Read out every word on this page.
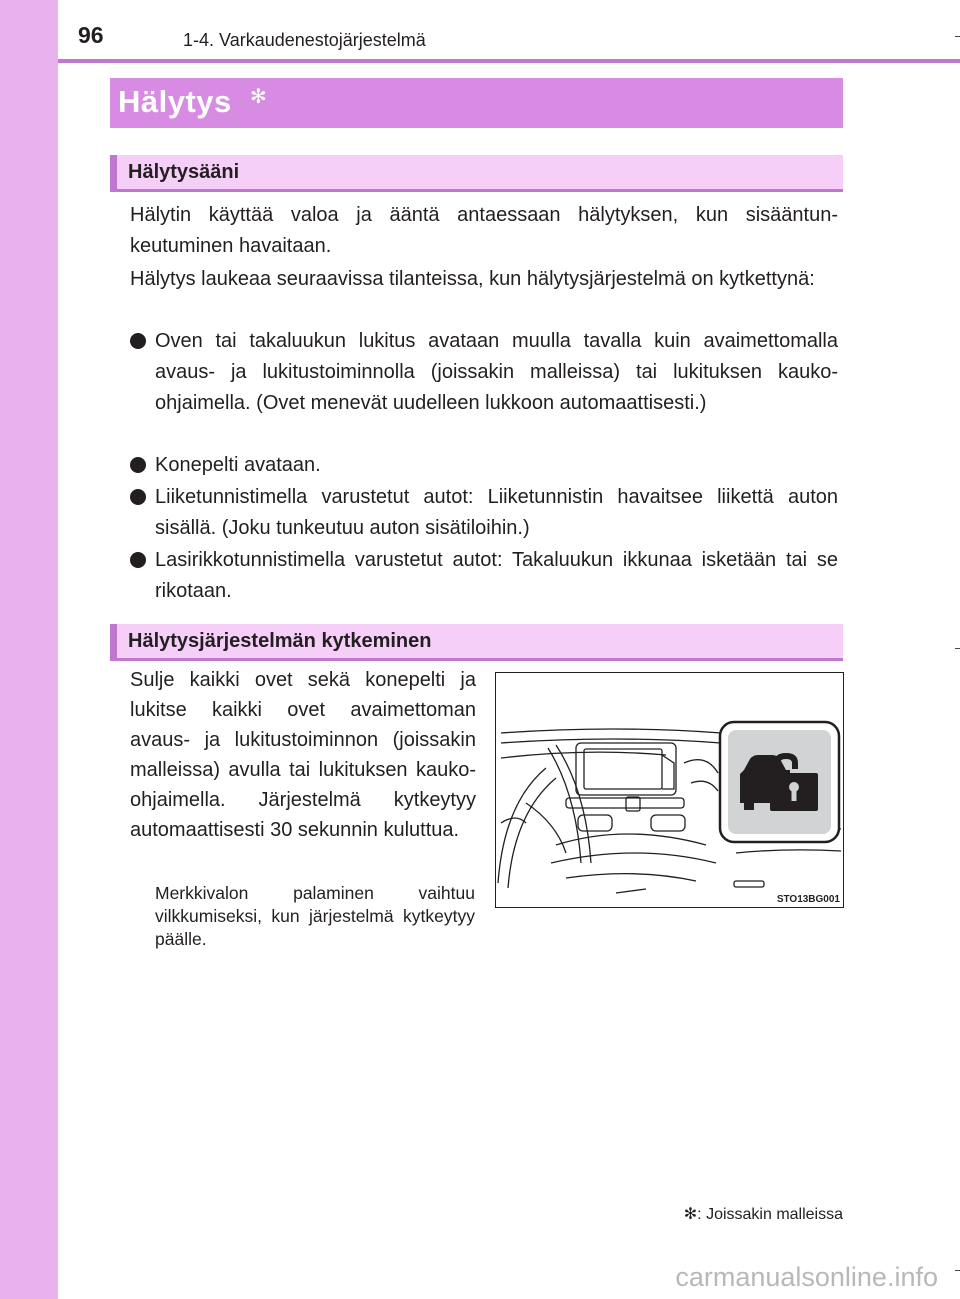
96	1-4. Varkaudenestojärjestelmä
Hälytys ✻
Hälytysääni

Hälytin käyttää valoa ja ääntä antaessaan hälytyksen, kun sisääntunkeutuminen havaitaan.

Hälytys laukeaa seuraavissa tilanteissa, kun hälytysjärjestelmä on kytkettynä:

Oven tai takaluukun lukitus avataan muulla tavalla kuin avaimettomalla avaus- ja lukitustoiminnolla (joissakin malleissa) tai lukituksen kauko-ohjaimella. (Ovet menevät uudelleen lukkoon automaattisesti.)

Konepelti avataan.

Liiketunnistimella varustetut autot: Liiketunnistin havaitsee liikettä auton sisällä. (Joku tunkeutuu auton sisätiloihin.)

Lasirikkotunnistimella varustetut autot: Takaluukun ikkunaa isketään tai se rikotaan.

Hälytysjärjestelmän kytkeminen

Sulje kaikki ovet sekä konepelti ja lukitse kaikki ovet avaimettoman avaus- ja lukitustoiminnon (joissakin malleissa) avulla tai lukituksen kauko-ohjaimella. Järjestelmä kytkeytyy automaattisesti 30 sekunnin kuluttua.

Merkkivalon palaminen vaihtuu vilkkumiseksi, kun järjestelmä kytkeytyy päälle.

STO13BG001
✻: Joissakin malleissa
carmanualsonline.info
